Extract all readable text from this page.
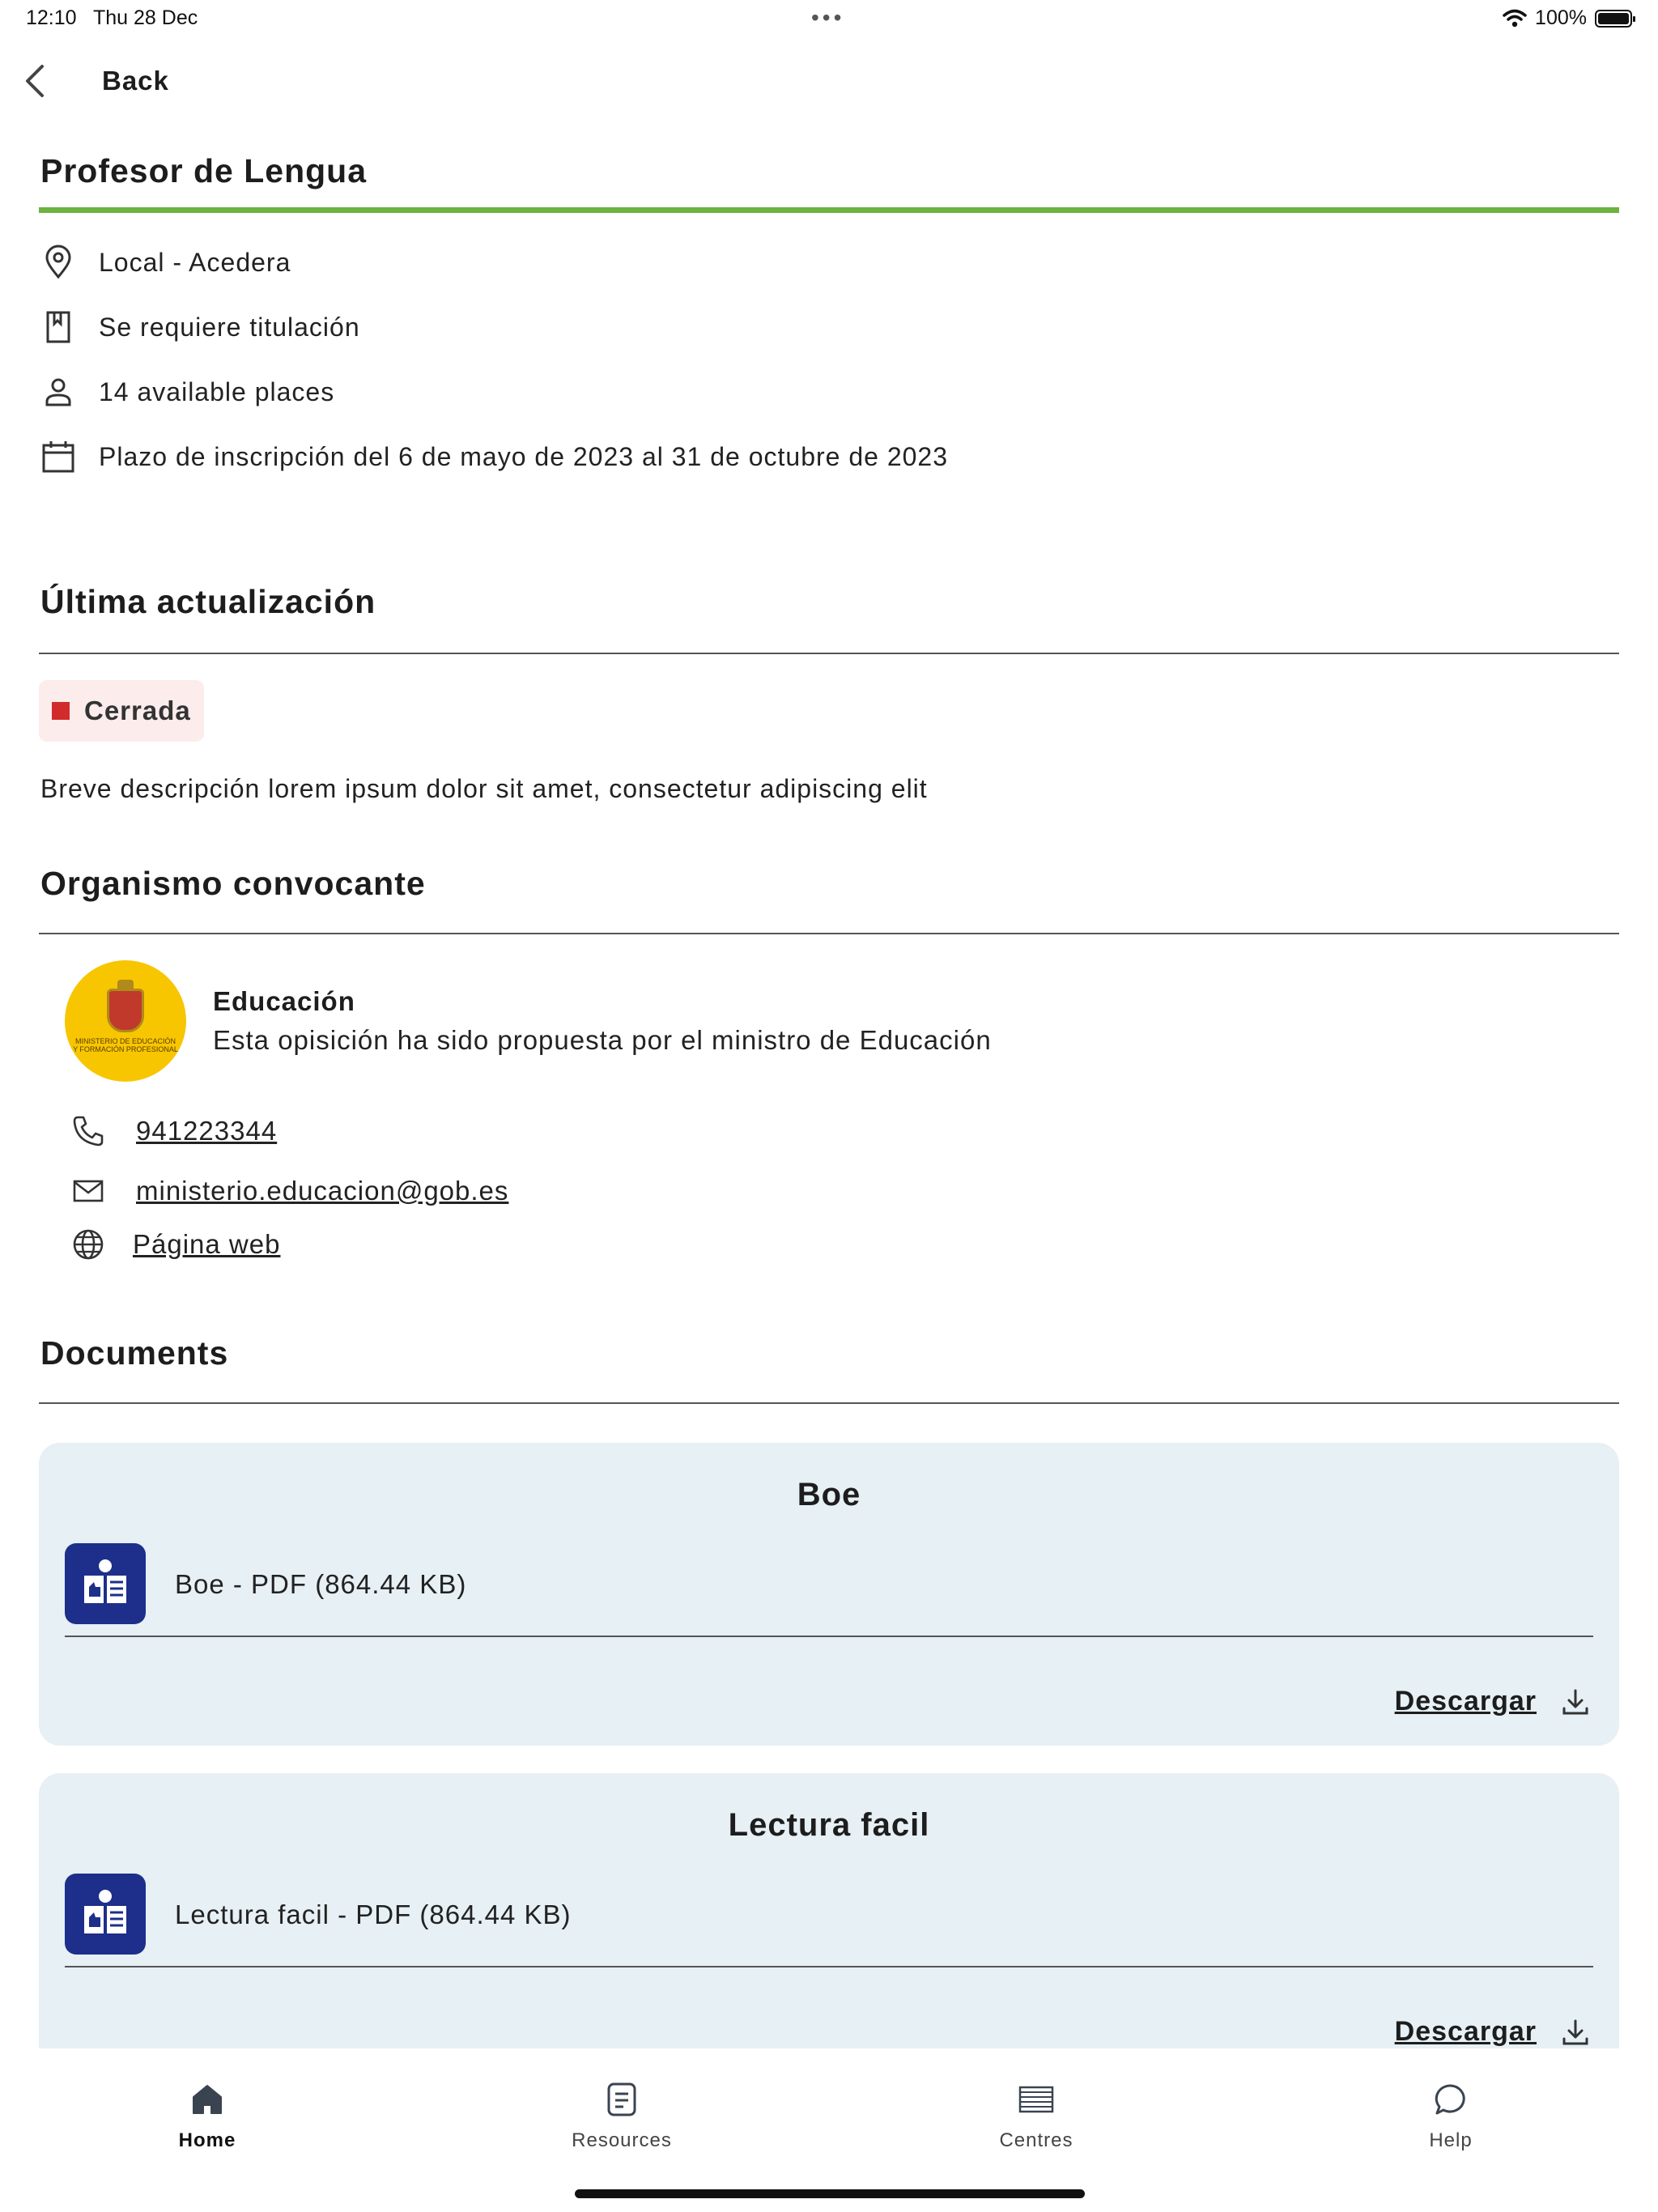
12:10 Thu 28 Dec	•••	100%
Back
Profesor de Lengua
Local - Acedera
Se requiere titulación
14 available places
Plazo de inscripción del 6 de mayo de 2023 al 31 de octubre de 2023
Última actualización
Cerrada
Breve descripción lorem ipsum dolor sit amet, consectetur adipiscing elit
Organismo convocante
MINISTERIO DE EDUCACIÓN Y FORMACIÓN PROFESIONAL
Educación
Esta opisición ha sido propuesta por el ministro de Educación
941223344
ministerio.educacion@gob.es
Página web
Documents
Boe
Boe - PDF (864.44 KB)
Descargar
Lectura facil
Lectura facil - PDF (864.44 KB)
Descargar
Home	Resources	Centres	Help
